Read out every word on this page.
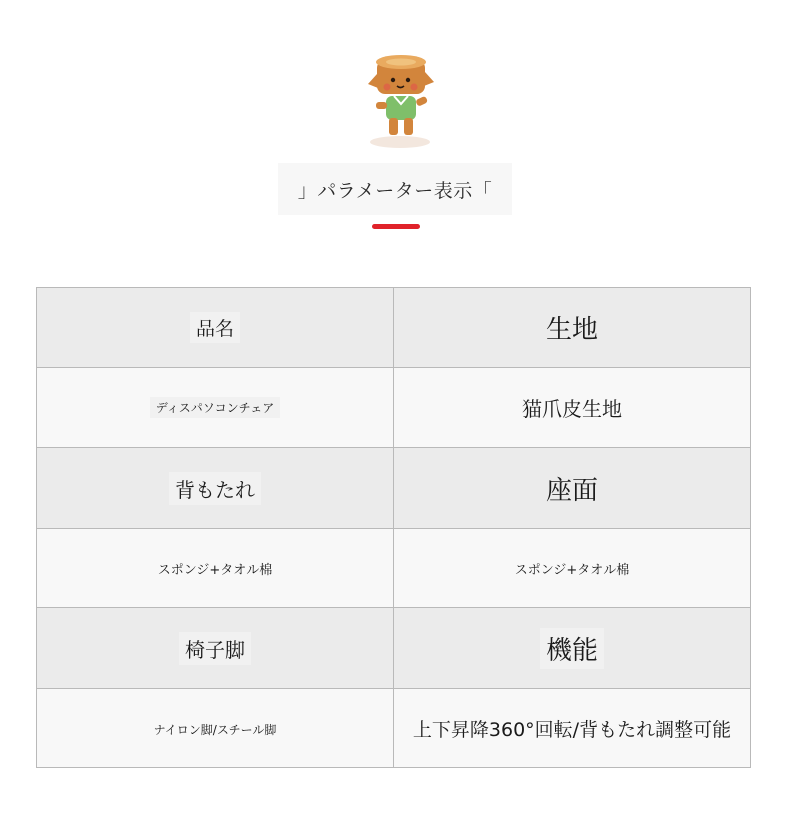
」パラメーター表示「
品名	生地
ディスパソコンチェア	猫爪皮生地
背もたれ	座面
スポンジ+タオル棉	スポンジ+タオル棉
椅子脚	機能
ナイロン脚/スチール脚	上下昇降360°回転/背もたれ調整可能
